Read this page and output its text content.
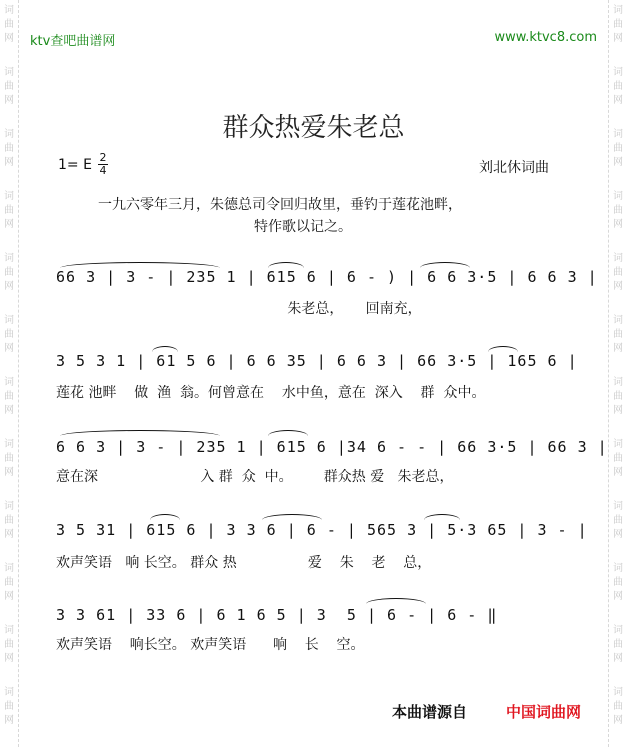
词
曲
网
词
曲
网
词
曲
网
词
曲
网
词
曲
网
词
曲
网
词
曲
网
词
曲
网
词
曲
网
词
曲
网
词
曲
网
词
曲
网
词
曲
网
词
曲
网
词
曲
网
词
曲
网
词
曲
网
词
曲
网
词
曲
网
词
曲
网
词
曲
网
词
曲
网
词
曲
网
词
曲
网
ktv查吧曲谱网	www.ktvc8.com
群众热爱朱老总
1= E 2
4	刘北休词曲
一九六零年三月，朱德总司令回归故里，垂钓于莲花池畔，
特作歌以记之。
66 3 | 3 - | 235 1 | 615 6 | 6 - ) | 6 6 3·5 | 6 6 3 |
朱老总，     回南充，
3 5 3 1 | 61 5 6 | 6 6 35 | 6 6 3 | 66 3·5 | 165 6 |
莲花 池畔    做  渔  翁。何曾意在    水中鱼，意在  深入    群  众中。
6 6 3 | 3 - | 235 1 | 615 6 |34 6 - - | 66 3·5 | 66 3 |
意在深                       入 群  众  中。       群众热 爱   朱老总，
3 5 31 | 615 6 | 3 3 6 | 6 - | 565 3 | 5·3 65 | 3 - |
欢声笑语   响 长空。 群众 热                爱    朱    老    总，
3 3 61 | 33 6 | 6 1 6 5 | 3  5 | 6 - | 6 - ‖
欢声笑语    响长空。 欢声笑语      响    长    空。
本曲谱源自	中国词曲网
